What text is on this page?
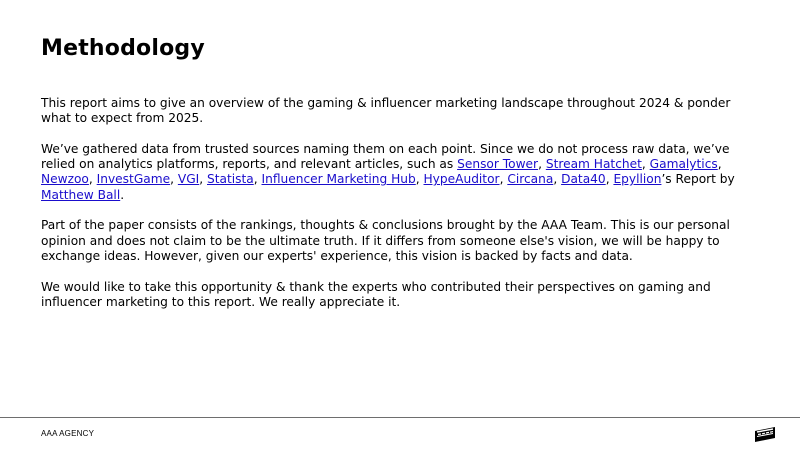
Methodology

This report aims to give an overview of the gaming & influencer marketing landscape throughout 2024 & ponder what to expect from 2025.

We’ve gathered data from trusted sources naming them on each point. Since we do not process raw data, we’ve relied on analytics platforms, reports, and relevant articles, such as Sensor Tower, Stream Hatchet, Gamalytics, Newzoo, InvestGame, VGI, Statista, Influencer Marketing Hub, HypeAuditor, Circana, Data40, Epyllion’s Report by Matthew Ball.

Part of the paper consists of the rankings, thoughts & conclusions brought by the AAA Team. This is our personal opinion and does not claim to be the ultimate truth. If it differs from someone else's vision, we will be happy to exchange ideas. However, given our experts' experience, this vision is backed by facts and data.

We would like to take this opportunity & thank the experts who contributed their perspectives on gaming and influencer marketing to this report. We really appreciate it.

AAA AGENCY
